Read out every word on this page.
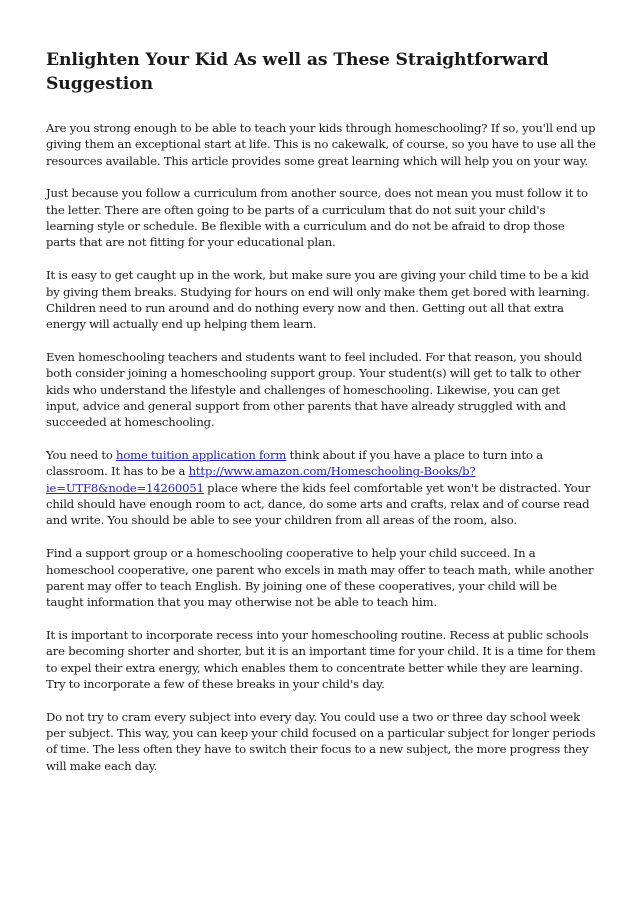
Enlighten Your Kid As well as These Straightforward Suggestion

Are you strong enough to be able to teach your kids through homeschooling? If so, you'll end up giving them an exceptional start at life. This is no cakewalk, of course, so you have to use all the resources available. This article provides some great learning which will help you on your way.

Just because you follow a curriculum from another source, does not mean you must follow it to the letter. There are often going to be parts of a curriculum that do not suit your child's learning style or schedule. Be flexible with a curriculum and do not be afraid to drop those parts that are not fitting for your educational plan.

It is easy to get caught up in the work, but make sure you are giving your child time to be a kid by giving them breaks. Studying for hours on end will only make them get bored with learning. Children need to run around and do nothing every now and then. Getting out all that extra energy will actually end up helping them learn.

Even homeschooling teachers and students want to feel included. For that reason, you should both consider joining a homeschooling support group. Your student(s) will get to talk to other kids who understand the lifestyle and challenges of homeschooling. Likewise, you can get input, advice and general support from other parents that have already struggled with and succeeded at homeschooling.

You need to home tuition application form think about if you have a place to turn into a classroom. It has to be a http://www.amazon.com/Homeschooling-Books/b?ie=UTF8&node=14260051 place where the kids feel comfortable yet won't be distracted. Your child should have enough room to act, dance, do some arts and crafts, relax and of course read and write. You should be able to see your children from all areas of the room, also.

Find a support group or a homeschooling cooperative to help your child succeed. In a homeschool cooperative, one parent who excels in math may offer to teach math, while another parent may offer to teach English. By joining one of these cooperatives, your child will be taught information that you may otherwise not be able to teach him.

It is important to incorporate recess into your homeschooling routine. Recess at public schools are becoming shorter and shorter, but it is an important time for your child. It is a time for them to expel their extra energy, which enables them to concentrate better while they are learning. Try to incorporate a few of these breaks in your child's day.

Do not try to cram every subject into every day. You could use a two or three day school week per subject. This way, you can keep your child focused on a particular subject for longer periods of time. The less often they have to switch their focus to a new subject, the more progress they will make each day.
